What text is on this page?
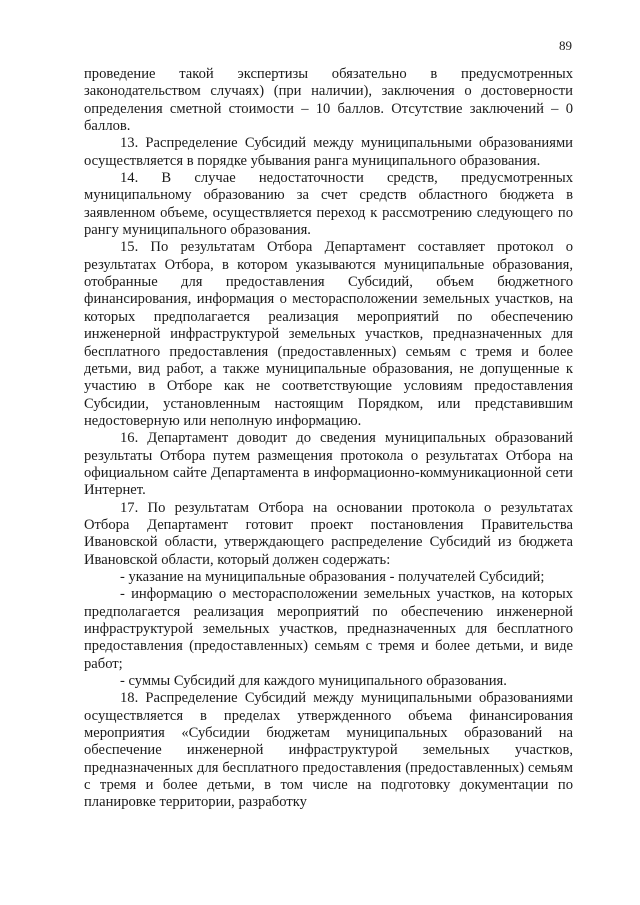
89

проведение такой экспертизы обязательно в предусмотренных законодательством случаях) (при наличии), заключения о достоверности определения сметной стоимости – 10 баллов. Отсутствие заключений – 0 баллов.

13. Распределение Субсидий между муниципальными образованиями осуществляется в порядке убывания ранга муниципального образования.

14. В случае недостаточности средств, предусмотренных муниципальному образованию за счет средств областного бюджета в заявленном объеме, осуществляется переход к рассмотрению следующего по рангу муниципального образования.

15. По результатам Отбора Департамент составляет протокол о результатах Отбора, в котором указываются муниципальные образования, отобранные для предоставления Субсидий, объем бюджетного финансирования, информация о месторасположении земельных участков, на которых предполагается реализация мероприятий по обеспечению инженерной инфраструктурой земельных участков, предназначенных для бесплатного предоставления (предоставленных) семьям с тремя и более детьми, вид работ, а также муниципальные образования, не допущенные к участию в Отборе как не соответствующие условиям предоставления Субсидии, установленным настоящим Порядком, или представившим недостоверную или неполную информацию.

16. Департамент доводит до сведения муниципальных образований результаты Отбора путем размещения протокола о результатах Отбора на официальном сайте Департамента в информационно-коммуникационной сети Интернет.

17. По результатам Отбора на основании протокола о результатах Отбора Департамент готовит проект постановления Правительства Ивановской области, утверждающего распределение Субсидий из бюджета Ивановской области, который должен содержать:

- указание на муниципальные образования - получателей Субсидий;

- информацию о месторасположении земельных участков, на которых предполагается реализация мероприятий по обеспечению инженерной инфраструктурой земельных участков, предназначенных для бесплатного предоставления (предоставленных) семьям с тремя и более детьми, и виде работ;

- суммы Субсидий для каждого муниципального образования.

18. Распределение Субсидий между муниципальными образованиями осуществляется в пределах утвержденного объема финансирования мероприятия «Субсидии бюджетам муниципальных образований на обеспечение инженерной инфраструктурой земельных участков, предназначенных для бесплатного предоставления (предоставленных) семьям с тремя и более детьми, в том числе на подготовку документации по планировке территории, разработку
